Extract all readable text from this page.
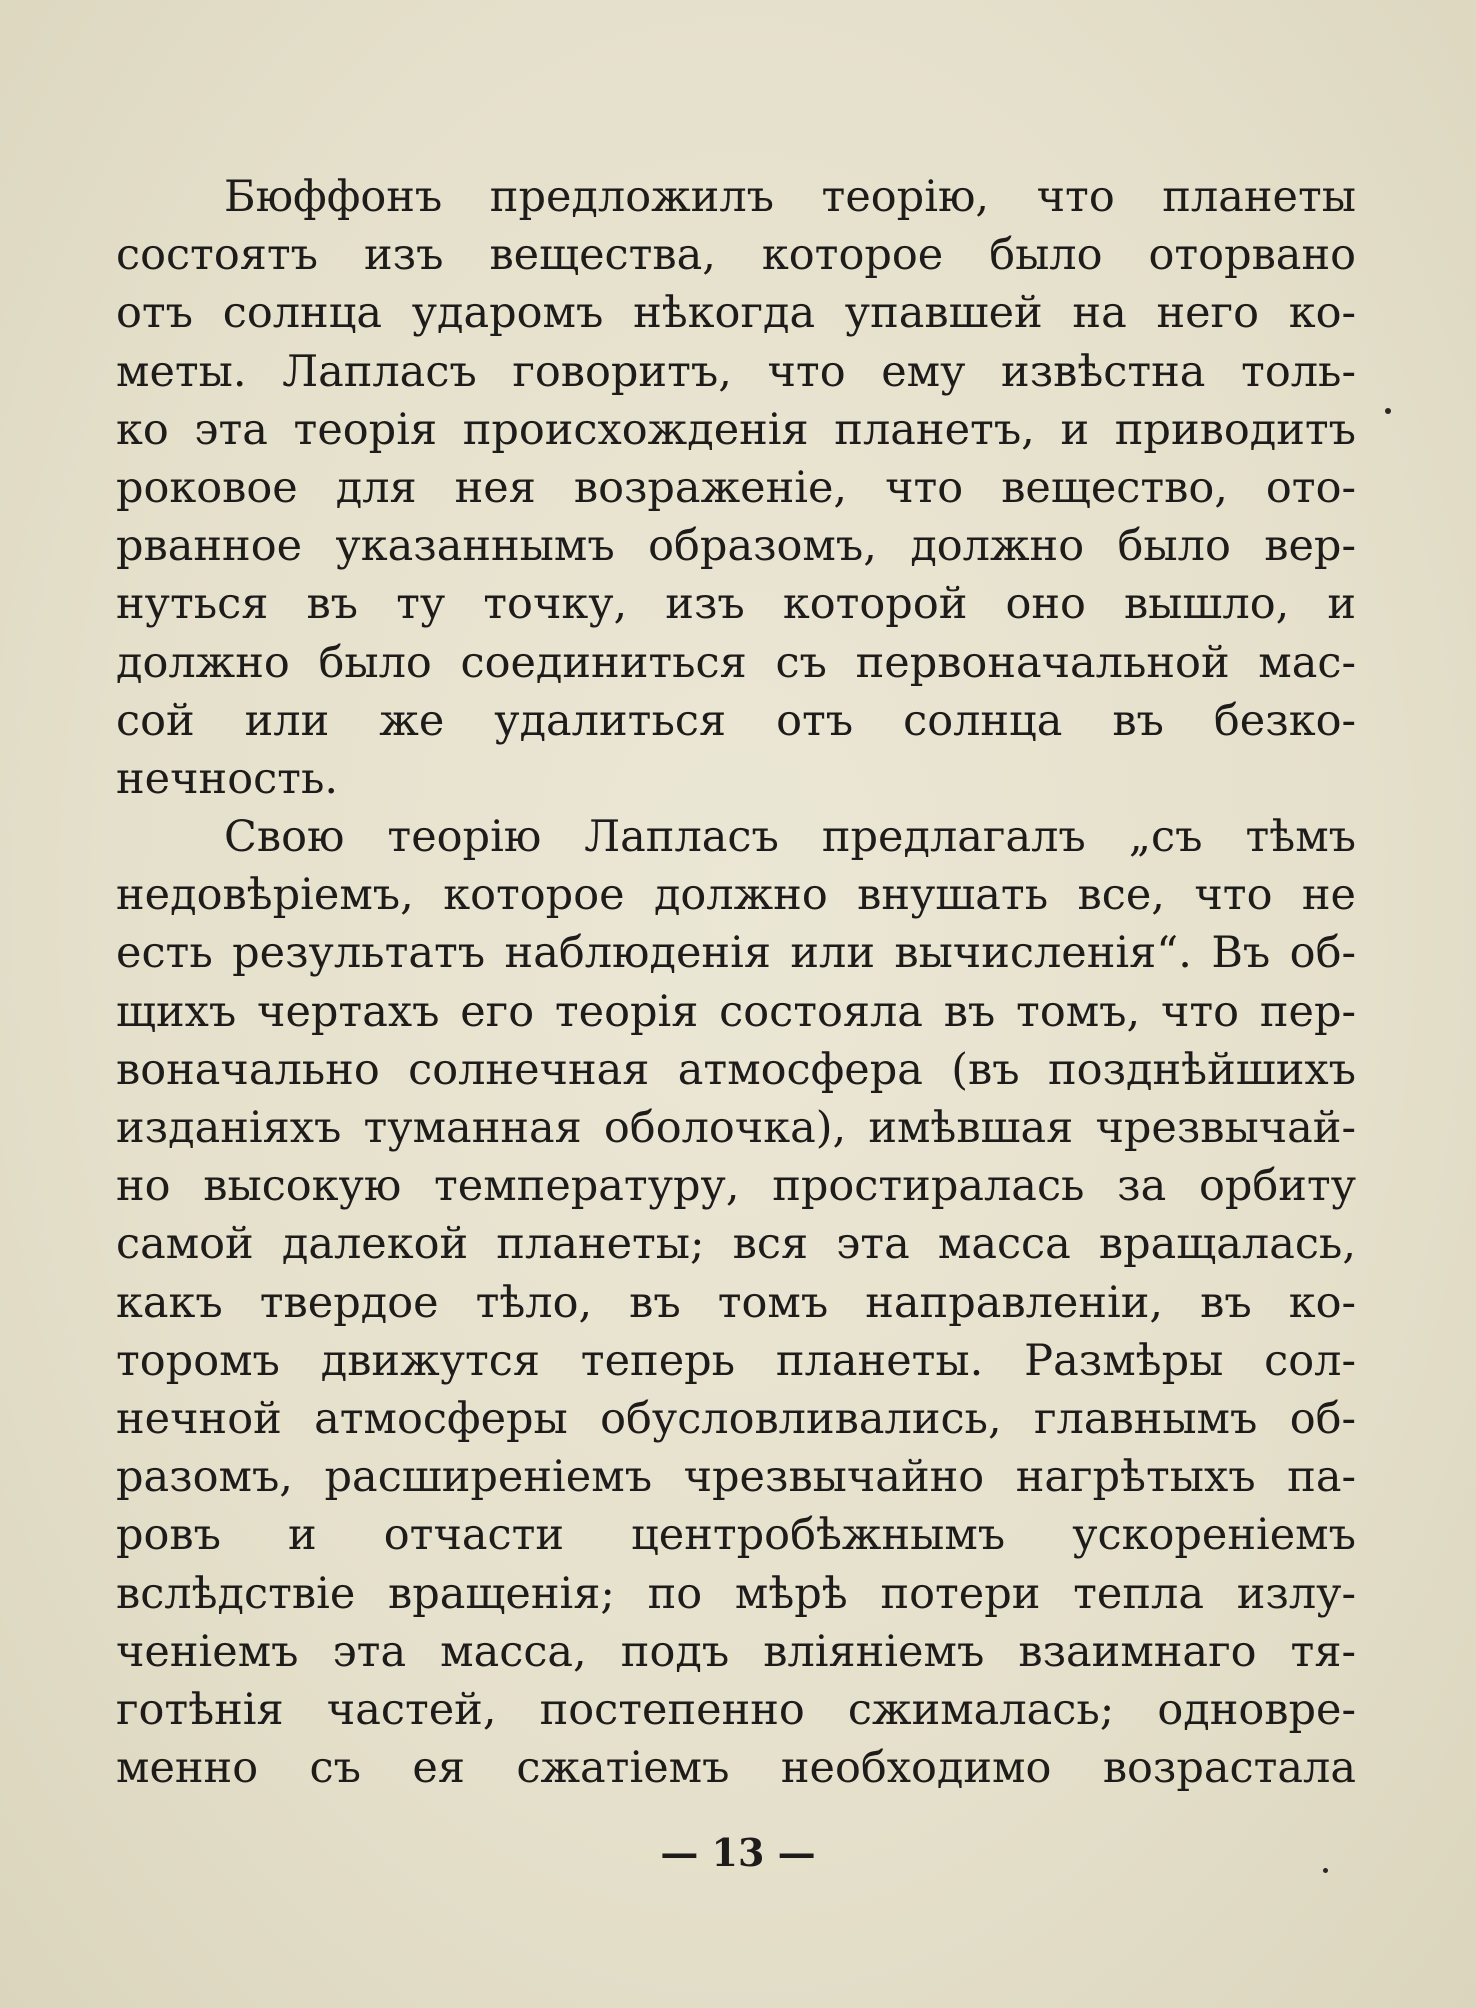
Бюффонъ предложилъ теорію, что планеты
состоятъ изъ вещества, которое было оторвано
отъ солнца ударомъ нѣкогда упавшей на него ко-
меты. Лапласъ говоритъ, что ему извѣстна толь-
ко эта теорія происхожденія планетъ, и приводитъ
роковое для нея возраженіе, что вещество, ото-
рванное указаннымъ образомъ, должно было вер-
нуться въ ту точку, изъ которой оно вышло, и
должно было соединиться съ первоначальной мас-
сой или же удалиться отъ солнца въ безко-
нечность.
Свою теорію Лапласъ предлагалъ „съ тѣмъ
недовѣріемъ, которое должно внушать все, что не
есть результатъ наблюденія или вычисленія“. Въ об-
щихъ чертахъ его теорія состояла въ томъ, что пер-
воначально солнечная атмосфера (въ позднѣйшихъ
изданіяхъ туманная оболочка), имѣвшая чрезвычай-
но высокую температуру, простиралась за орбиту
самой далекой планеты; вся эта масса вращалась,
какъ твердое тѣло, въ томъ направленіи, въ ко-
торомъ движутся теперь планеты. Размѣры сол-
нечной атмосферы обусловливались, главнымъ об-
разомъ, расширеніемъ чрезвычайно нагрѣтыхъ па-
ровъ и отчасти центробѣжнымъ ускореніемъ
вслѣдствіе вращенія; по мѣрѣ потери тепла излу-
ченіемъ эта масса, подъ вліяніемъ взаимнаго тя-
готѣнія частей, постепенно сжималась; одновре-
менно съ ея сжатіемъ необходимо возрастала
— 13 —
